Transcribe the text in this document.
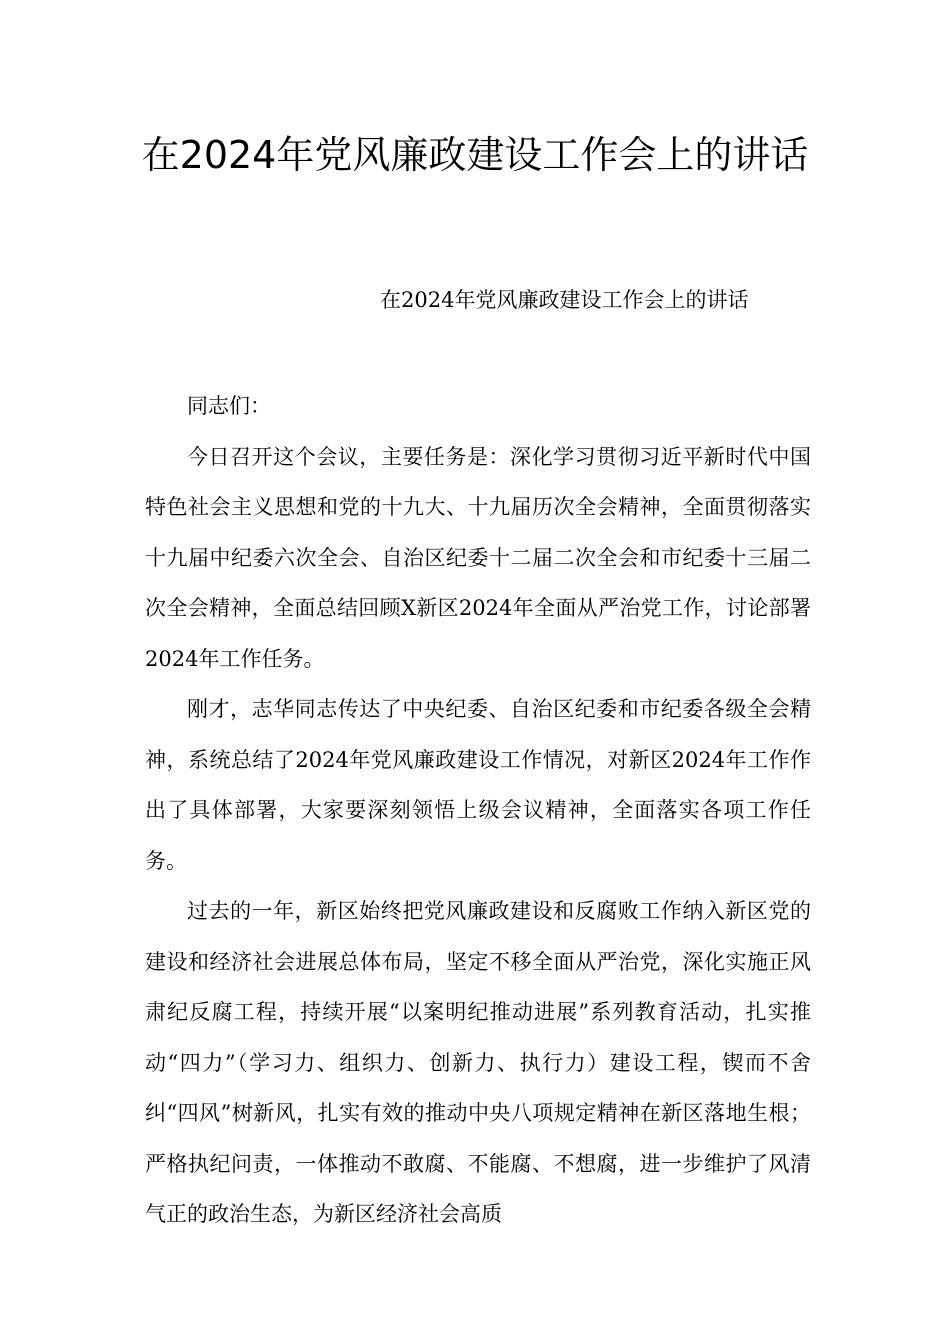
在2024年党风廉政建设工作会上的讲话
在2024年党风廉政建设工作会上的讲话

同志们：

今日召开这个会议，主要任务是：深化学习贯彻习近平新时代中国特色社会主义思想和党的十九大、十九届历次全会精神，全面贯彻落实十九届中纪委六次全会、自治区纪委十二届二次全会和市纪委十三届二次全会精神，全面总结回顾X新区2024年全面从严治党工作，讨论部署2024年工作任务。

刚才，志华同志传达了中央纪委、自治区纪委和市纪委各级全会精神，系统总结了2024年党风廉政建设工作情况，对新区2024年工作作出了具体部署，大家要深刻领悟上级会议精神，全面落实各项工作任务。

过去的一年，新区始终把党风廉政建设和反腐败工作纳入新区党的建设和经济社会进展总体布局，坚定不移全面从严治党，深化实施正风肃纪反腐工程，持续开展“以案明纪推动进展”系列教育活动，扎实推动“四力”（学习力、组织力、创新力、执行力）建设工程，锲而不舍纠“四风”树新风，扎实有效的推动中央八项规定精神在新区落地生根；严格执纪问责，一体推动不敢腐、不能腐、不想腐，进一步维护了风清气正的政治生态，为新区经济社会高质
